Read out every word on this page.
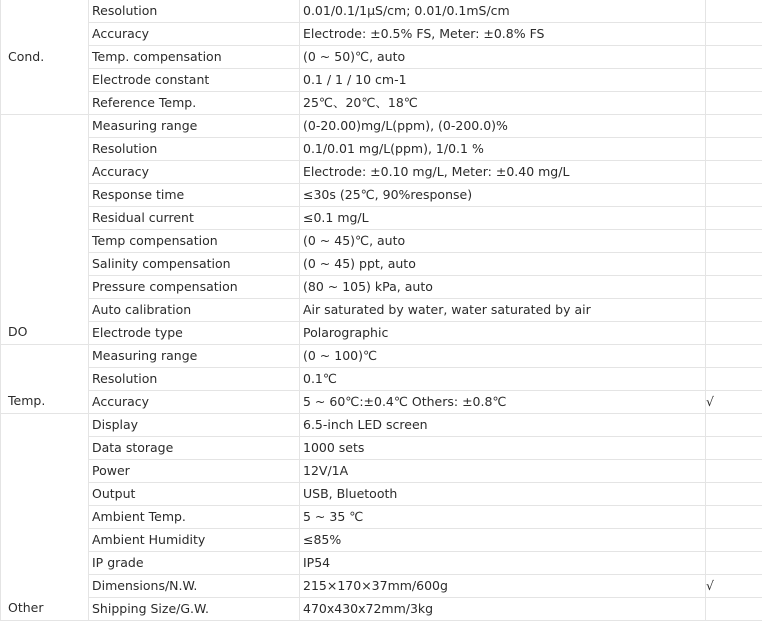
Cond.	Resolution	0.01/0.1/1μS/cm; 0.01/0.1mS/cm	
	Accuracy	Electrode: ±0.5% FS, Meter: ±0.8% FS	
	Temp. compensation	(0 ~ 50)℃, auto	
	Electrode constant	0.1 / 1 / 10 cm-1	
	Reference Temp.	25℃、20℃、18℃	
DO	Measuring range	(0-20.00)mg/L(ppm), (0-200.0)%	
	Resolution	0.1/0.01 mg/L(ppm), 1/0.1 %	
	Accuracy	Electrode: ±0.10 mg/L, Meter: ±0.40 mg/L	
	Response time	≤30s (25℃, 90%response)	
	Residual current	≤0.1 mg/L	
	Temp compensation	(0 ~ 45)℃, auto	
	Salinity compensation	(0 ~ 45) ppt, auto	
	Pressure compensation	(80 ~ 105) kPa, auto	
	Auto calibration	Air saturated by water, water saturated by air	
	Electrode type	Polarographic	
Temp.	Measuring range	(0 ~ 100)℃	
	Resolution	0.1℃	
	Accuracy	5 ~ 60℃:±0.4℃ Others: ±0.8℃	√
Other	Display	6.5-inch LED screen	
	Data storage	1000 sets	
	Power	12V/1A	
	Output	USB, Bluetooth	
	Ambient Temp.	5 ~ 35 ℃	
	Ambient Humidity	≤85%	
	IP grade	IP54	
	Dimensions/N.W.	215×170×37mm/600g	√
	Shipping Size/G.W.	470x430x72mm/3kg	
